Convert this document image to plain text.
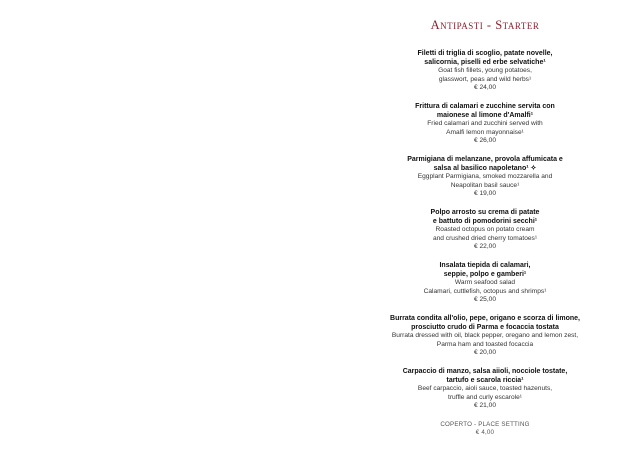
Antipasti - Starter
Filetti di triglia di scoglio, patate novelle,
salicornia, piselli ed erbe selvatiche¹
Goat fish fillets, young potatoes,
glasswort, peas and wild herbs¹
€ 24,00
Frittura di calamari e zucchine servita con
maionese al limone d'Amalfi¹
Fried calamari and zucchini served with
Amalfi lemon mayonnaise¹
€ 26,00
Parmigiana di melanzane, provola affumicata e
salsa al basilico napoletano¹ ✧
Eggplant Parmigiana, smoked mozzarella and
Neapolitan basil sauce¹
€ 19,00
Polpo arrosto su crema di patate
e battuto di pomodorini secchi¹
Roasted octopus on potato cream
and crushed dried cherry tomatoes¹
€ 22,00
Insalata tiepida di calamari,
seppie, polpo e gamberi¹
Warm seafood salad
Calamari, cuttlefish, octopus and shrimps¹
€ 25,00
Burrata condita all'olio, pepe, origano e scorza di limone,
prosciutto crudo di Parma e focaccia tostata
Burrata dressed with oil, black pepper, oregano and lemon zest,
Parma ham and toasted focaccia
€ 20,00
Carpaccio di manzo, salsa aiioli, nocciole tostate,
tartufo e scarola riccia¹
Beef carpaccio, aioli sauce, toasted hazenuts,
truffle and curly escarole¹
€ 21,00
COPERTO - PLACE SETTING
€ 4,00
